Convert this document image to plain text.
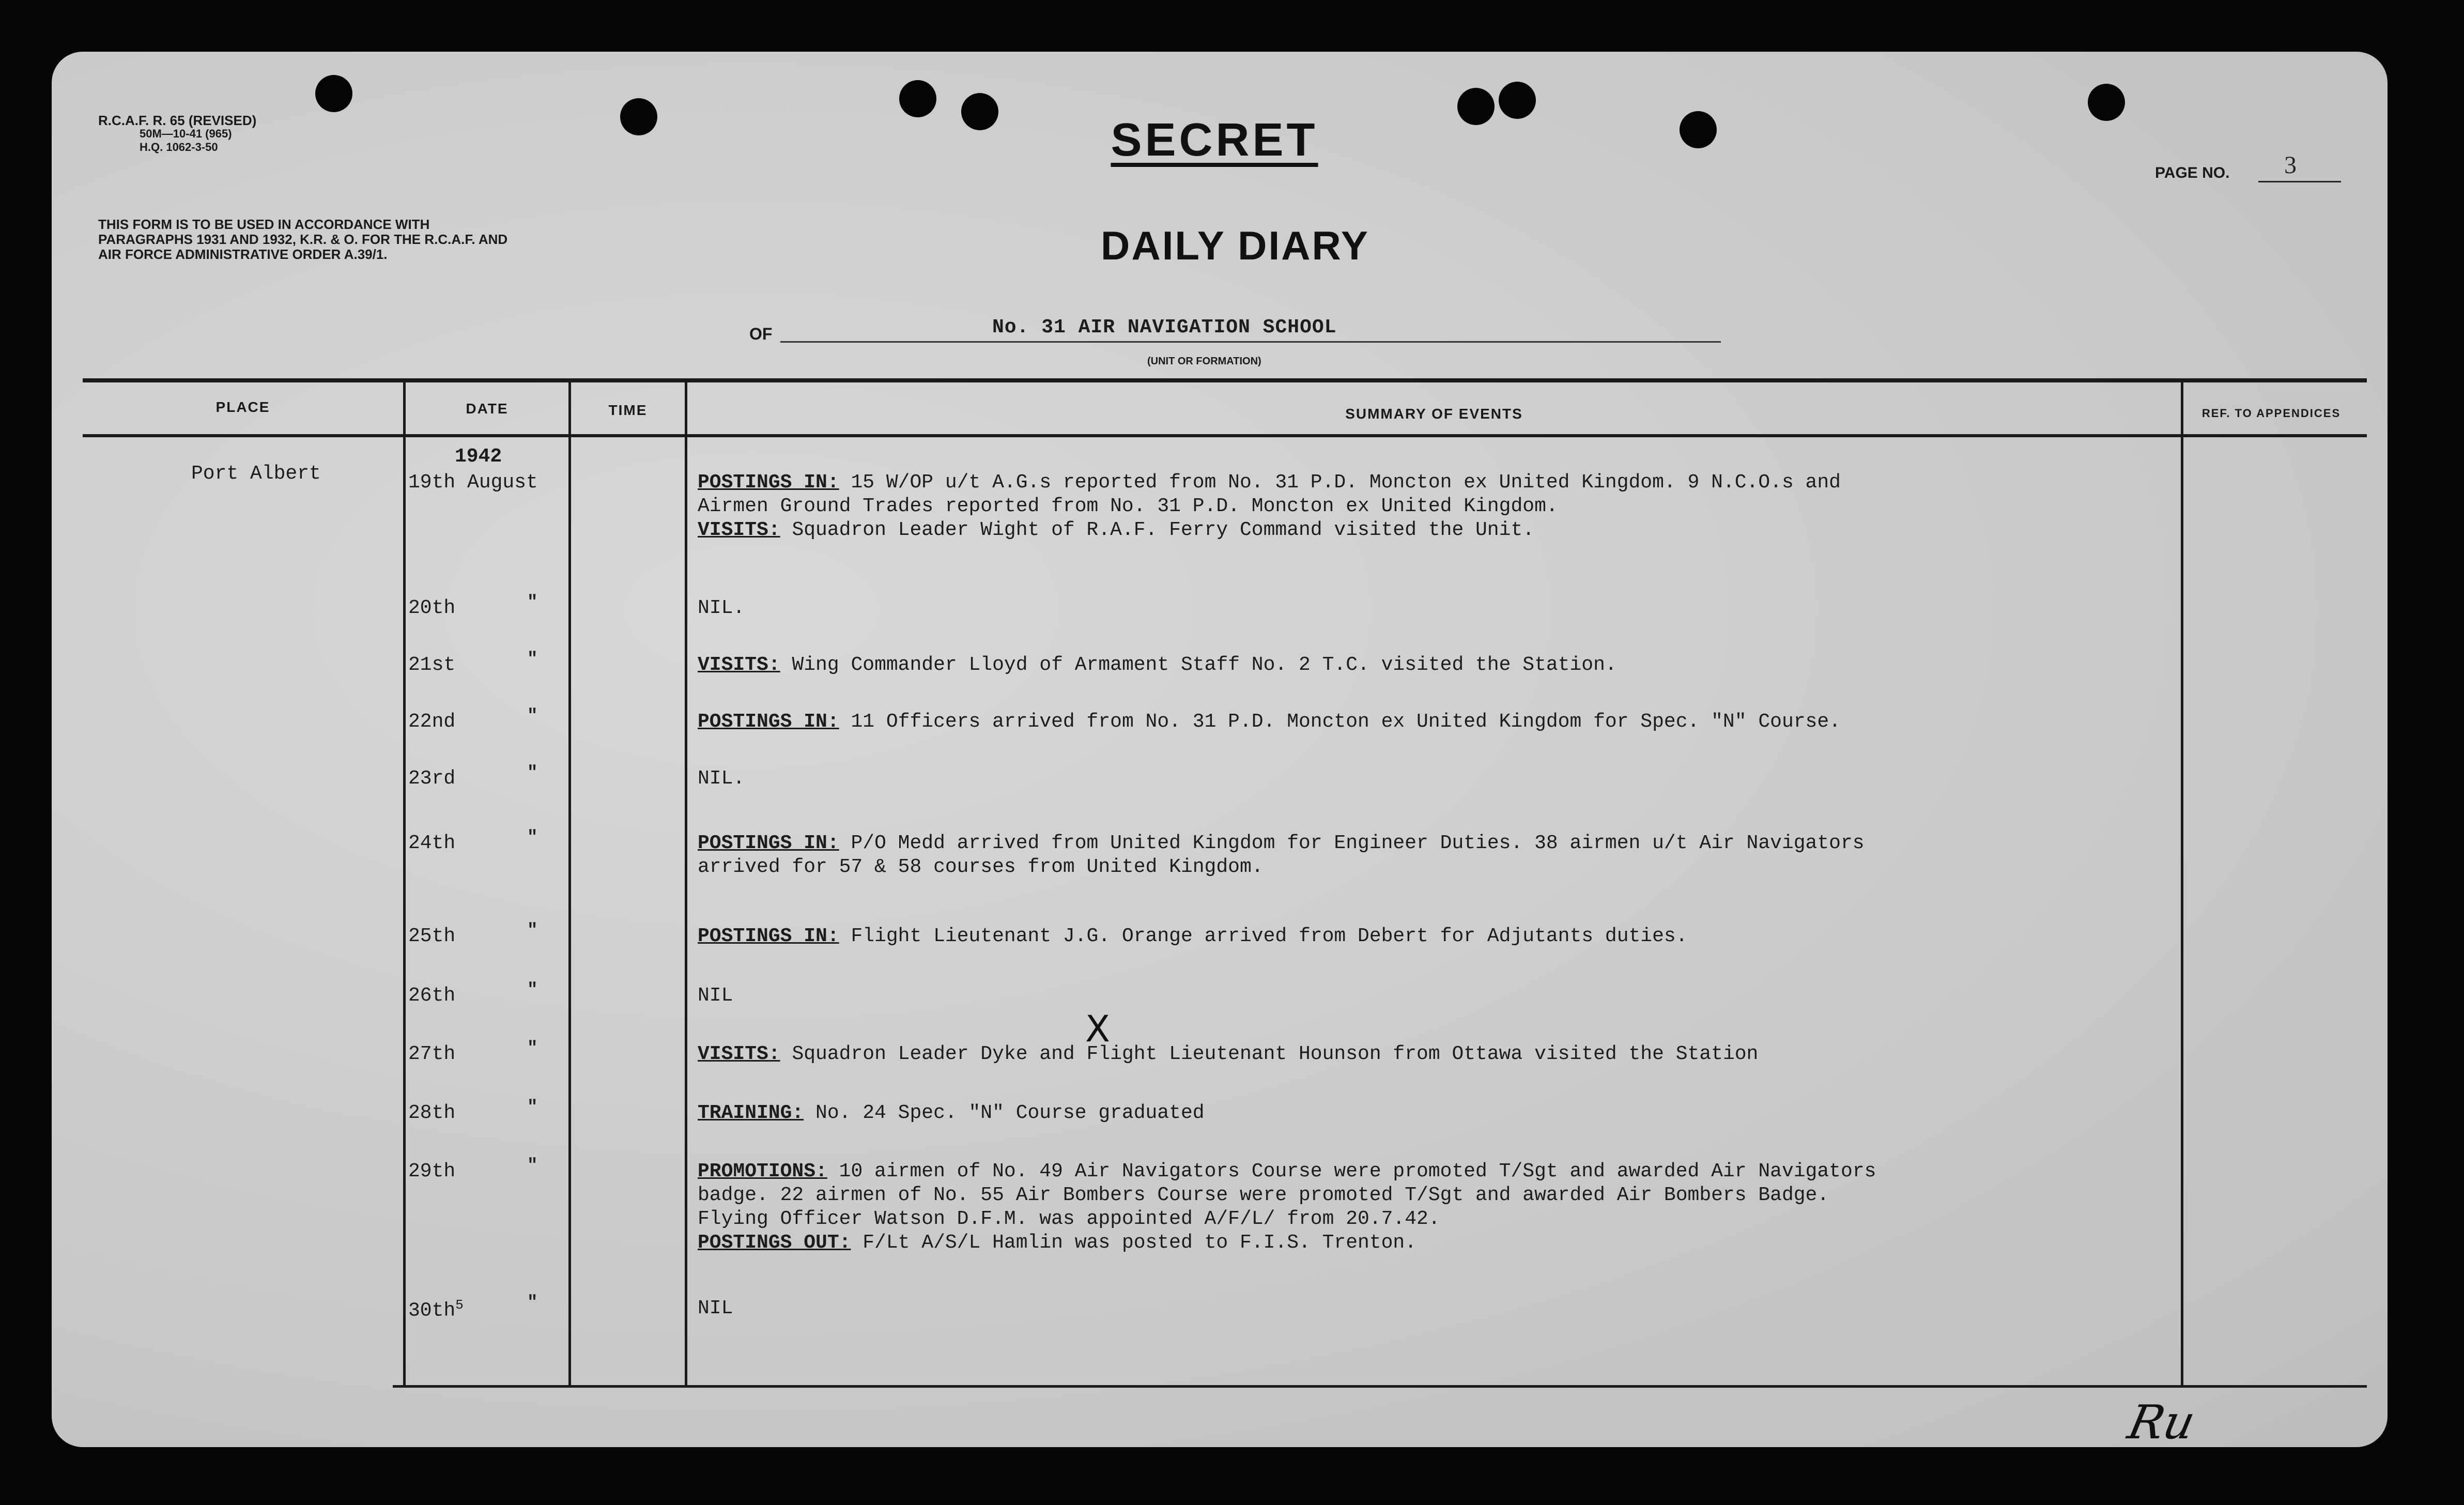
R.C.A.F. R. 65 (REVISED)
50M—10-41 (965)
H.Q. 1062-3-50
THIS FORM IS TO BE USED IN ACCORDANCE WITH PARAGRAPHS 1931 AND 1932, K.R. & O. FOR THE R.C.A.F. AND AIR FORCE ADMINISTRATIVE ORDER A.39/1.
SECRET
DAILY DIARY
PAGE NO. 3
OF	No. 31 AIR NAVIGATION SCHOOL
(UNIT OR FORMATION)
PLACE	DATE	TIME	SUMMARY OF EVENTS	REF. TO APPENDICES
Port Albert
1942
19th August	POSTINGS IN: 15 W/OP u/t A.G.s reported from No. 31 P.D. Moncton ex United Kingdom. 9 N.C.O.s and
Airmen Ground Trades reported from No. 31 P.D. Moncton ex United Kingdom.
VISITS: Squadron Leader Wight of R.A.F. Ferry Command visited the Unit.
20th	"	NIL.
21st	"	VISITS: Wing Commander Lloyd of Armament Staff No. 2 T.C. visited the Station.
22nd	"	POSTINGS IN: 11 Officers arrived from No. 31 P.D. Moncton ex United Kingdom for Spec. "N" Course.
23rd	"	NIL.
24th	"	POSTINGS IN: P/O Medd arrived from United Kingdom for Engineer Duties. 38 airmen u/t Air Navigators
arrived for 57 & 58 courses from United Kingdom.
25th	"	POSTINGS IN: Flight Lieutenant J.G. Orange arrived from Debert for Adjutants duties.
26th	"	NIL
27th	"	VISITS: Squadron Leader Dyke and Flight Lieutenant Hounson from Ottawa visited the Station
28th	"	TRAINING: No. 24 Spec. "N" Course graduated
29th	"	PROMOTIONS: 10 airmen of No. 49 Air Navigators Course were promoted T/Sgt and awarded Air Navigators
badge. 22 airmen of No. 55 Air Bombers Course were promoted T/Sgt and awarded Air Bombers Badge.
Flying Officer Watson D.F.M. was appointed A/F/L/ from 20.7.42.
POSTINGS OUT: F/Lt A/S/L Hamlin was posted to F.I.S. Trenton.
$30th^5$	"	NIL
X
Ru
